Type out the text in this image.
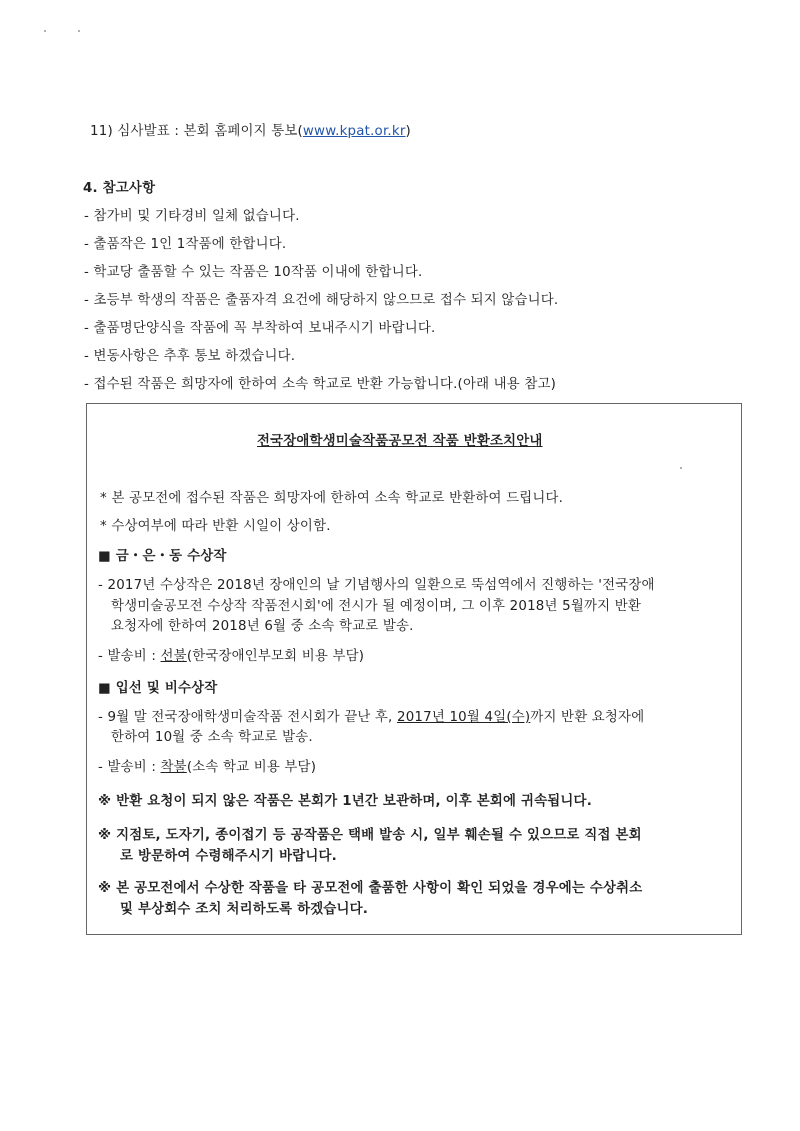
11) 심사발표 : 본회 홈페이지 통보(www.kpat.or.kr)
4. 참고사항
- 참가비 및 기타경비 일체 없습니다.
- 출품작은 1인 1작품에 한합니다.
- 학교당 출품할 수 있는 작품은 10작품 이내에 한합니다.
- 초등부 학생의 작품은 출품자격 요건에 해당하지 않으므로 접수 되지 않습니다.
- 출품명단양식을 작품에 꼭 부착하여 보내주시기 바랍니다.
- 변동사항은 추후 통보 하겠습니다.
- 접수된 작품은 희망자에 한하여 소속 학교로 반환 가능합니다.(아래 내용 참고)
전국장애학생미술작품공모전 작품 반환조치안내
* 본 공모전에 접수된 작품은 희망자에 한하여 소속 학교로 반환하여 드립니다.
* 수상여부에 따라 반환 시일이 상이함.
■ 금・은・동 수상작
- 2017년 수상작은 2018년 장애인의 날 기념행사의 일환으로 뚝섬역에서 진행하는 '전국장애
학생미술공모전 수상작 작품전시회'에 전시가 될 예정이며, 그 이후 2018년 5월까지 반환
요청자에 한하여 2018년 6월 중 소속 학교로 발송.
- 발송비 : 선불(한국장애인부모회 비용 부담)
■ 입선 및 비수상작
- 9월 말 전국장애학생미술작품 전시회가 끝난 후, 2017년 10월 4일(수)까지 반환 요청자에
한하여 10월 중 소속 학교로 발송.
- 발송비 : 착불(소속 학교 비용 부담)
※ 반환 요청이 되지 않은 작품은 본회가 1년간 보관하며, 이후 본회에 귀속됩니다.
※ 지점토, 도자기, 종이접기 등 공작품은 택배 발송 시, 일부 훼손될 수 있으므로 직접 본회
로 방문하여 수령해주시기 바랍니다.
※ 본 공모전에서 수상한 작품을 타 공모전에 출품한 사항이 확인 되었을 경우에는 수상취소
및 부상회수 조치 처리하도록 하겠습니다.
